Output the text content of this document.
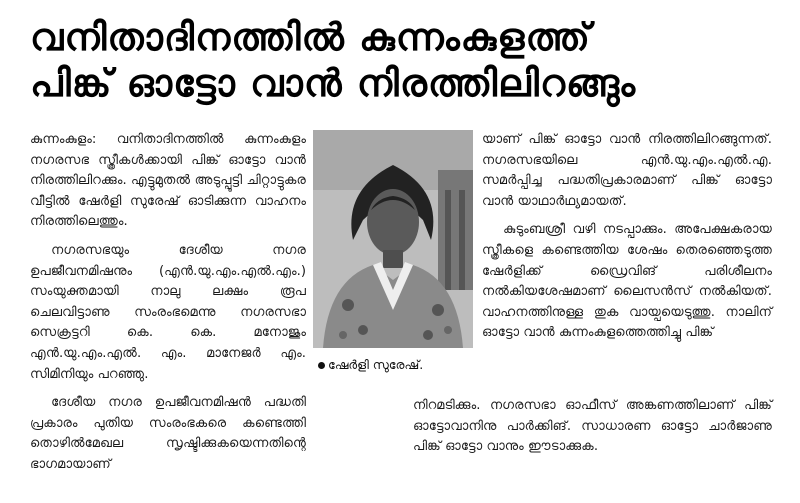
വനിതാദിനത്തിൽ കുന്നംകുളത്ത്
പിങ്ക് ഓട്ടോ വാൻ നിരത്തിലിറങ്ങും

കുന്നംകുളം: വനിതാദിനത്തിൽ കുന്നംകുളം നഗരസഭ സ്ത്രീകൾക്കായി പിങ്ക് ഓട്ടോ വാൻ നിരത്തിലിറക്കും. എട്ടുമുതൽ അടുപ്പൂട്ടി ചിറ്റാട്ടുകര വീട്ടിൽ ഷേർളി സുരേഷ് ഓടിക്കുന്ന വാഹനം നിരത്തിലെത്തും.

നഗരസഭയും ദേശീയ നഗര ഉപജീവനമിഷനും (എൻ.യു.എം.എൽ.എം.) സംയുക്തമായി നാലു ലക്ഷം രൂപ ചെലവിട്ടാണു സംരംഭമെന്നു നഗരസഭാ സെക്രട്ടറി കെ. കെ. മനോജും എൻ.യു.എം.എൽ. എം. മാനേജർ എം. സിമിനിയും പറഞ്ഞു.

ദേശീയ നഗര ഉപജീവനമിഷൻ പദ്ധതി പ്രകാരം പുതിയ സംരംഭകരെ കണ്ടെത്തി തൊഴിൽമേഖല സൃഷ്ടിക്കുകയെന്നതിന്റെ ഭാഗമായാണ്

ഷേർളി സുരേഷ്.

യാണ് പിങ്ക് ഓട്ടോ വാൻ നിരത്തിലിറങ്ങുന്നത്. നഗരസഭയിലെ എൻ.യു.എം.എൽ.എ. സമർപ്പിച്ച പദ്ധതിപ്രകാരമാണ് പിങ്ക് ഓട്ടോ വാൻ യാഥാർഥ്യമായത്.

കുടുംബശ്രീ വഴി നടപ്പാക്കും. അപേക്ഷകരായ സ്ത്രീകളെ കണ്ടെത്തിയ ശേഷം തെരഞ്ഞെടുത്ത ഷേർളിക്ക് ഡ്രൈവിങ് പരിശീലനം നൽകിയശേഷമാണ് ലൈസൻസ് നൽകിയത്. വാഹനത്തിനുള്ള തുക വായ്പയെടുത്തു. നാലിന് ഓട്ടോ വാൻ കുന്നംകുളത്തെത്തിച്ചു പിങ്ക്

നിറമടിക്കും. നഗരസഭാ ഓഫീസ് അങ്കണത്തിലാണ് പിങ്ക് ഓട്ടോവാനിനു പാർക്കിങ്. സാധാരണ ഓട്ടോ ചാർജാണു പിങ്ക് ഓട്ടോ വാനും ഈടാക്കുക.
